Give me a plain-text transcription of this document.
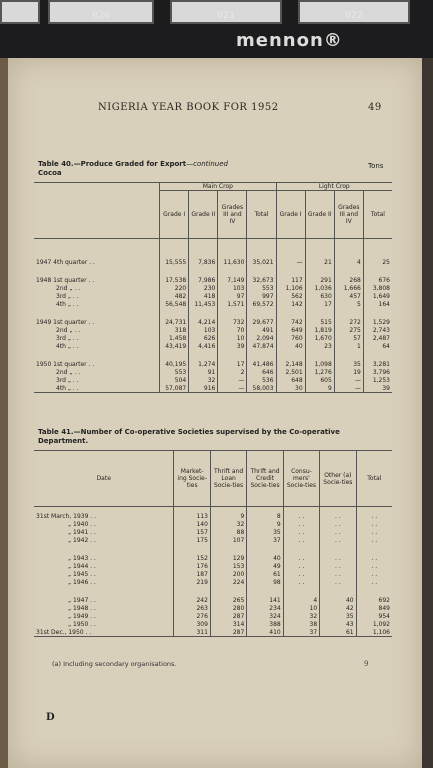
020	021	022
mennon®
NIGERIA YEAR BOOK FOR 1952	49
Table 40.—Produce Graded for Export—continued
Cocoa
Tons
	Main Crop				Light Crop			
	Grade I	Grade II	Grades III and IV	Total	Grade I	Grade II	Grades III and IV	Total

1947 4th quarter . .	15,555	7,836	11,630	35,021	—	21	4	25

1948 1st quarter . .	17,538	7,986	7,149	32,673	117	291	268	676
2nd „ . .	220	230	103	553	1,106	1,036	1,666	3,808
3rd „ . .	482	418	97	997	562	630	457	1,649
4th „ . .	56,548	11,453	1,571	69,572	142	17	5	164

1949 1st quarter . .	24,731	4,214	732	29,677	742	515	272	1,529
2nd „ . .	318	103	70	491	649	1,819	275	2,743
3rd „ . .	1,458	626	10	2,094	760	1,670	57	2,487
4th „ . .	43,419	4,416	39	47,874	40	23	1	64

1950 1st quarter . .	40,195	1,274	17	41,486	2,148	1,098	35	3,281
2nd „ . .	553	91	2	646	2,501	1,276	19	3,796
3rd „ . .	504	32	—	536	648	605	—	1,253
4th „ . .	57,087	916	—	58,003	30	9	—	39
Table 41.—Number of Co-operative Societies supervised by the Co-operative Department.
Date	Market-ing Socie-ties	Thrift and Loan Socie-ties	Thrift and Credit Socie-ties	Consu-mers' Socie-ties	Other (a) Socie-ties	Total

31st March, 1939 . .	113	9	8	. .	. .	. .
„ 1940 . .	140	32	9	. .	. .	. .
„ 1941 . .	157	88	35	. .	. .	. .
„ 1942 . .	175	107	37	. .	. .	. .

„ 1943 . .	152	129	40	. .	. .	. .
„ 1944 . .	176	153	49	. .	. .	. .
„ 1945 . .	187	200	61	. .	. .	. .
„ 1946 . .	219	224	98	. .	. .	. .

„ 1947 . .	242	265	141	4	40	692
„ 1948 . .	263	280	234	10	42	849
„ 1949 . .	276	287	324	32	35	954
„ 1950 . .	309	314	388	38	43	1,092
31st Dec., 1950 . .	311	287	410	37	61	1,106
(a) Including secondary organisations.	9
D
